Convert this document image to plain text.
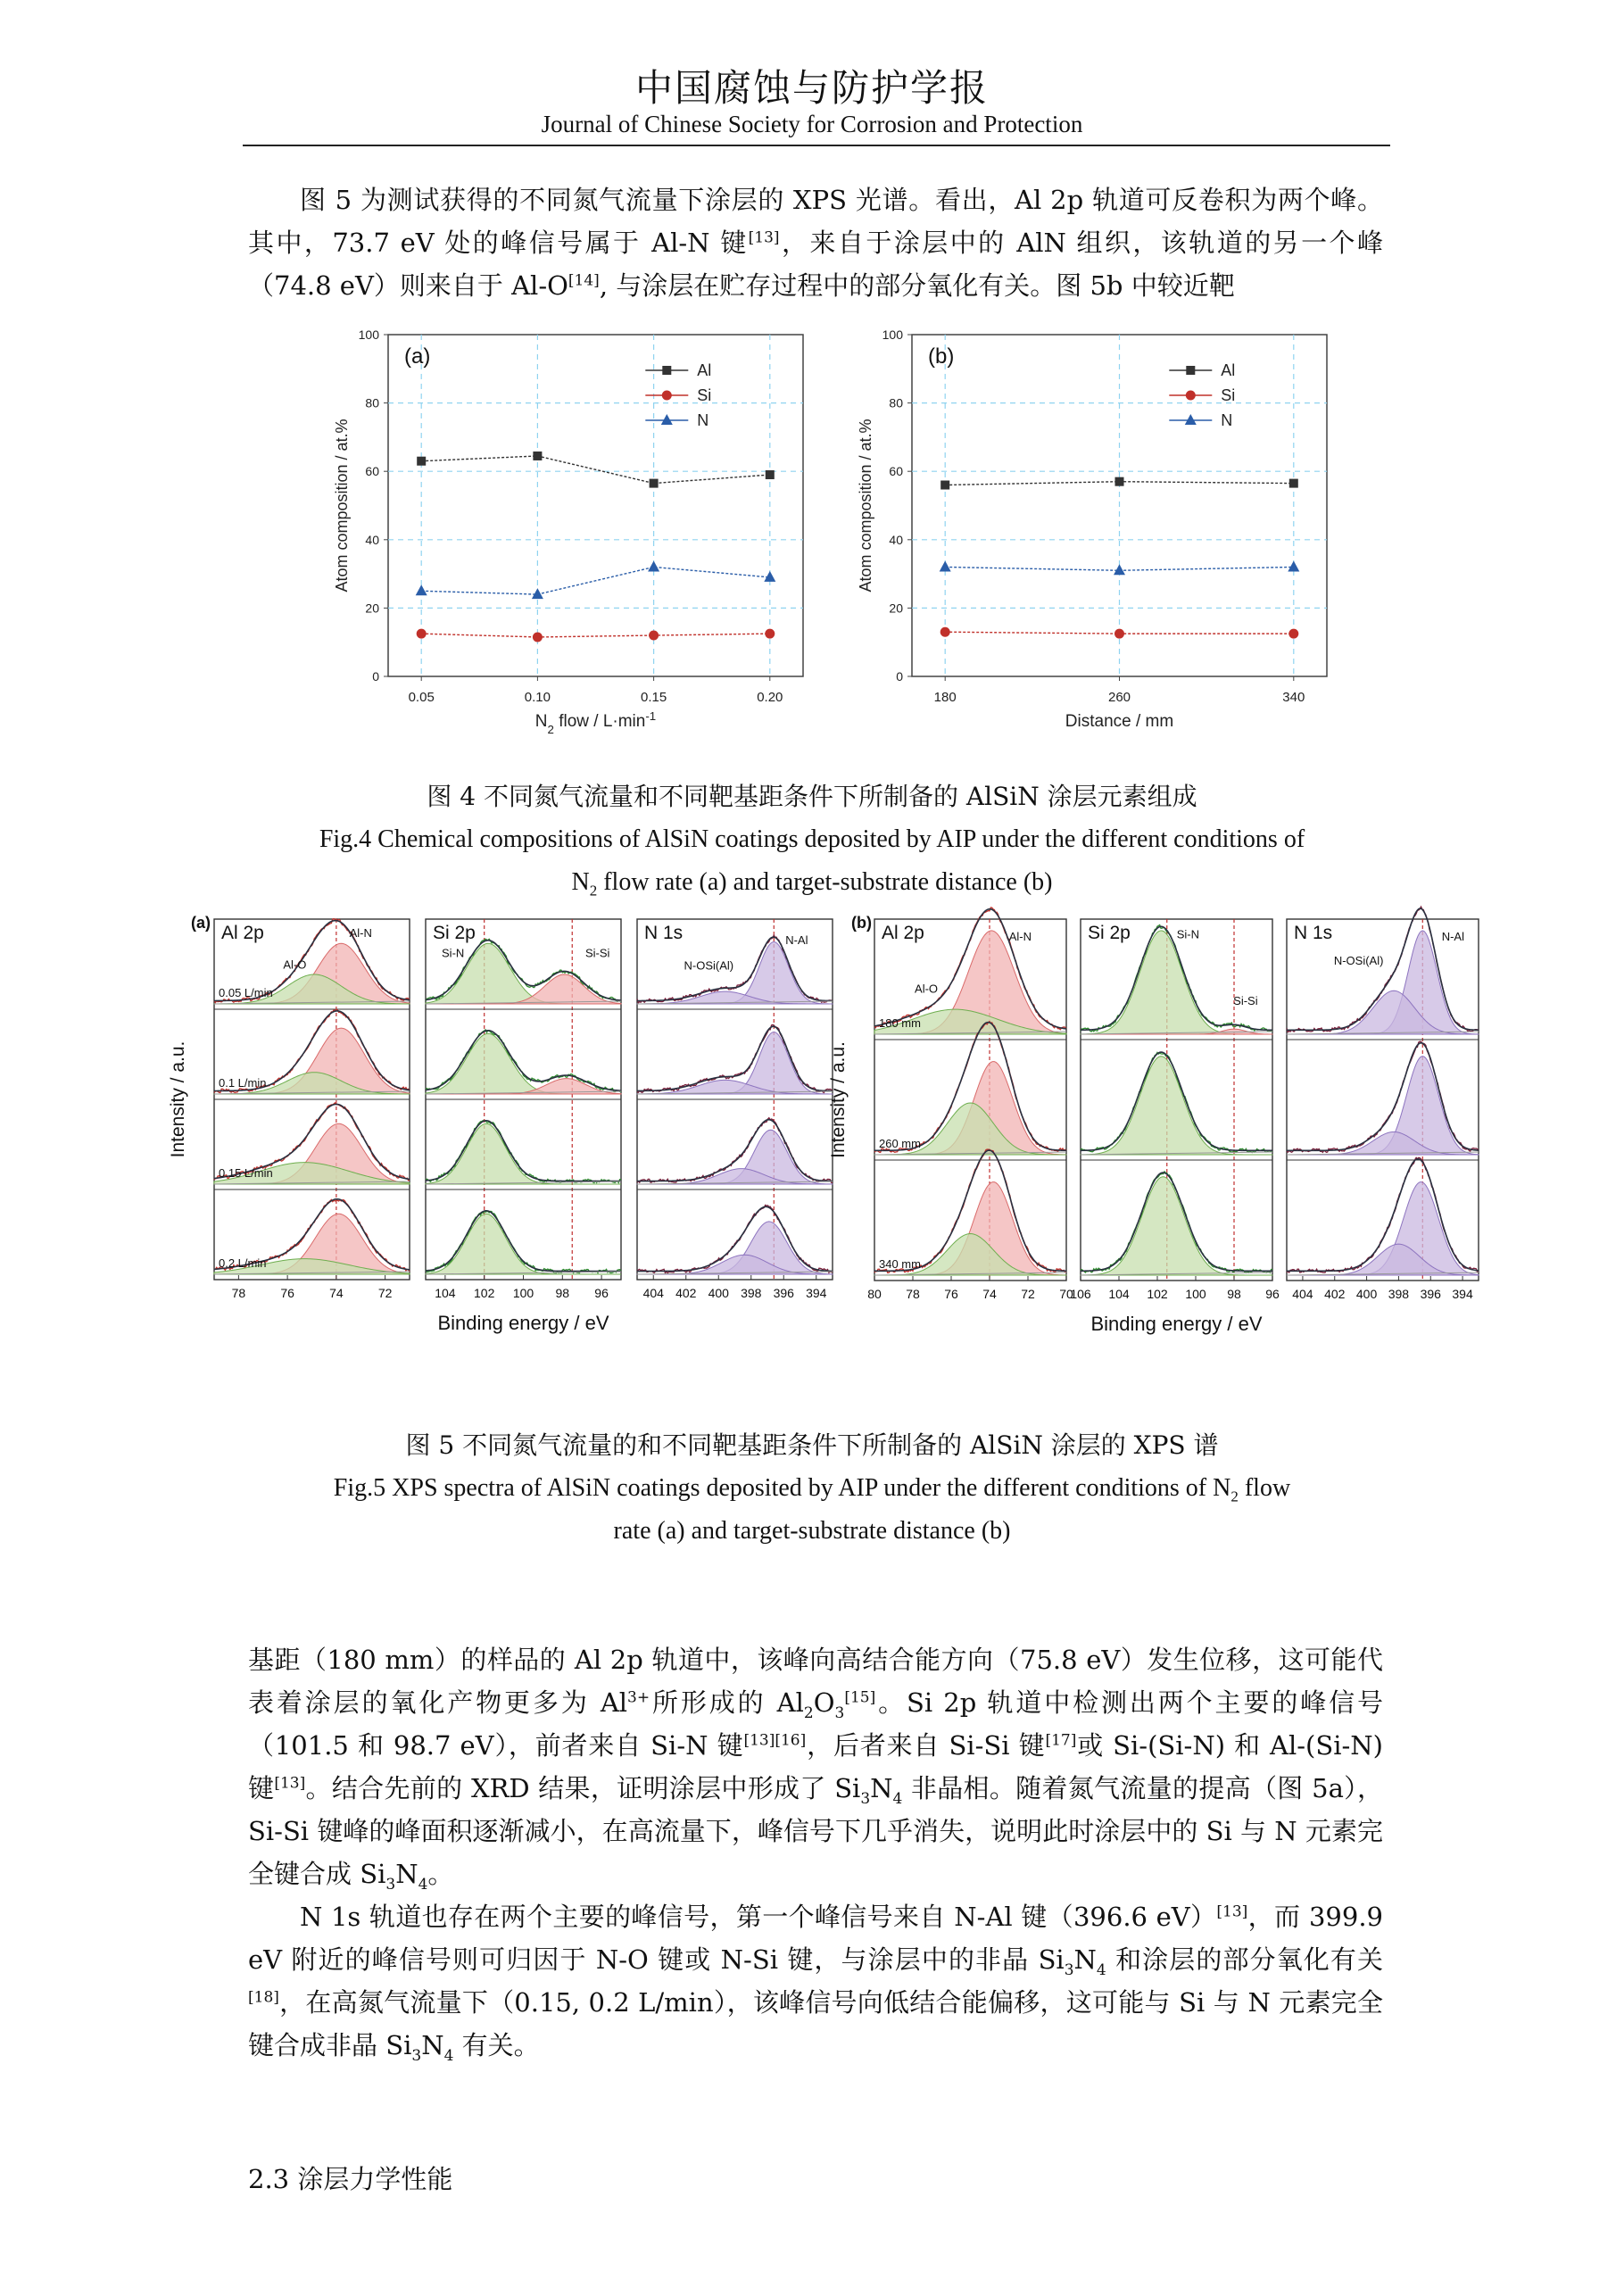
中国腐蚀与防护学报
Journal of Chinese Society for Corrosion and Protection

图 5 为测试获得的不同氮气流量下涂层的 XPS 光谱。看出，Al 2p 轨道可反卷积为两个峰。其中，73.7 eV 处的峰信号属于 Al-N 键[13]，来自于涂层中的 AlN 组织，该轨道的另一个峰（74.8 eV）则来自于 Al-O[14], 与涂层在贮存过程中的部分氧化有关。图 5b 中较近靶

0
20
40
60
80
100
0.05	0.10	0.15	0.20
Atom composition / at.%
$N_2$ flow / $L\cdot\min^{-1}$
(a)
Al
Si
N
0
20
40
60
80
100
180	260	340
Atom composition / at.%
Distance / mm
(b)
Al
Si
N
图 4 不同氮气流量和不同靶基距条件下所制备的 AlSiN 涂层元素组成
Fig.4 Chemical compositions of AlSiN coatings deposited by AIP under the different conditions of
$N_2$ flow rate (a) and target-substrate distance (b)
(a) Al 2p
0.05 L/min
0.1 L/min
0.15 L/min
0.2 L/min
Al-N
Al-O
78	76	74	72
Si 2p
Si-N	Si-Si
104 102 100 98 96
N 1s	N-Al
N-OSi(Al)
404 402 400 398 396 394
Intensity / a.u.
Binding energy / eV
(b) Al 2p
180 mm
260 mm
340 mm
Al-N
Al-O
80 78 76 74 72 70
Si 2p	Si-N
Si-Si
106 104 102 100 98 96
N 1s	N-Al
N-OSi(Al)
404 402 400 398 396 394
Intensity / a.u.
Binding energy / eV
图 5 不同氮气流量的和不同靶基距条件下所制备的 AlSiN 涂层的 XPS 谱
Fig.5 XPS spectra of AlSiN coatings deposited by AIP under the different conditions of $N_2$ flow
rate (a) and target-substrate distance (b)

基距（180 mm）的样品的 Al 2p 轨道中，该峰向高结合能方向（75.8 eV）发生位移，这可能代表着涂层的氧化产物更多为 $Al^{3+}$所形成的 $Al_2O_3[15]$。Si 2p 轨道中检测出两个主要的峰信号（101.5 和 98.7 eV），前者来自 Si-N 键[13][16]，后者来自 Si-Si 键[17]或 Si-(Si-N) 和 Al-(Si-N)键[13]。结合先前的 XRD 结果，证明涂层中形成了 $Si_3N_4$ 非晶相。随着氮气流量的提高（图 5a），Si-Si 键峰的峰面积逐渐减小，在高流量下，峰信号下几乎消失，说明此时涂层中的 Si 与 N 元素完全键合成 $Si_3N_4$。

N 1s 轨道也存在两个主要的峰信号，第一个峰信号来自 N-Al 键（396.6 eV）[13]，而 399.9 eV 附近的峰信号则可归因于 N-O 键或 N-Si 键，与涂层中的非晶 $Si_3N_4$ 和涂层的部分氧化有关[18]，在高氮气流量下（0.15, 0.2 L/min），该峰信号向低结合能偏移，这可能与 Si 与 N 元素完全键合成非晶 $Si_3N_4$ 有关。

2.3 涂层力学性能
